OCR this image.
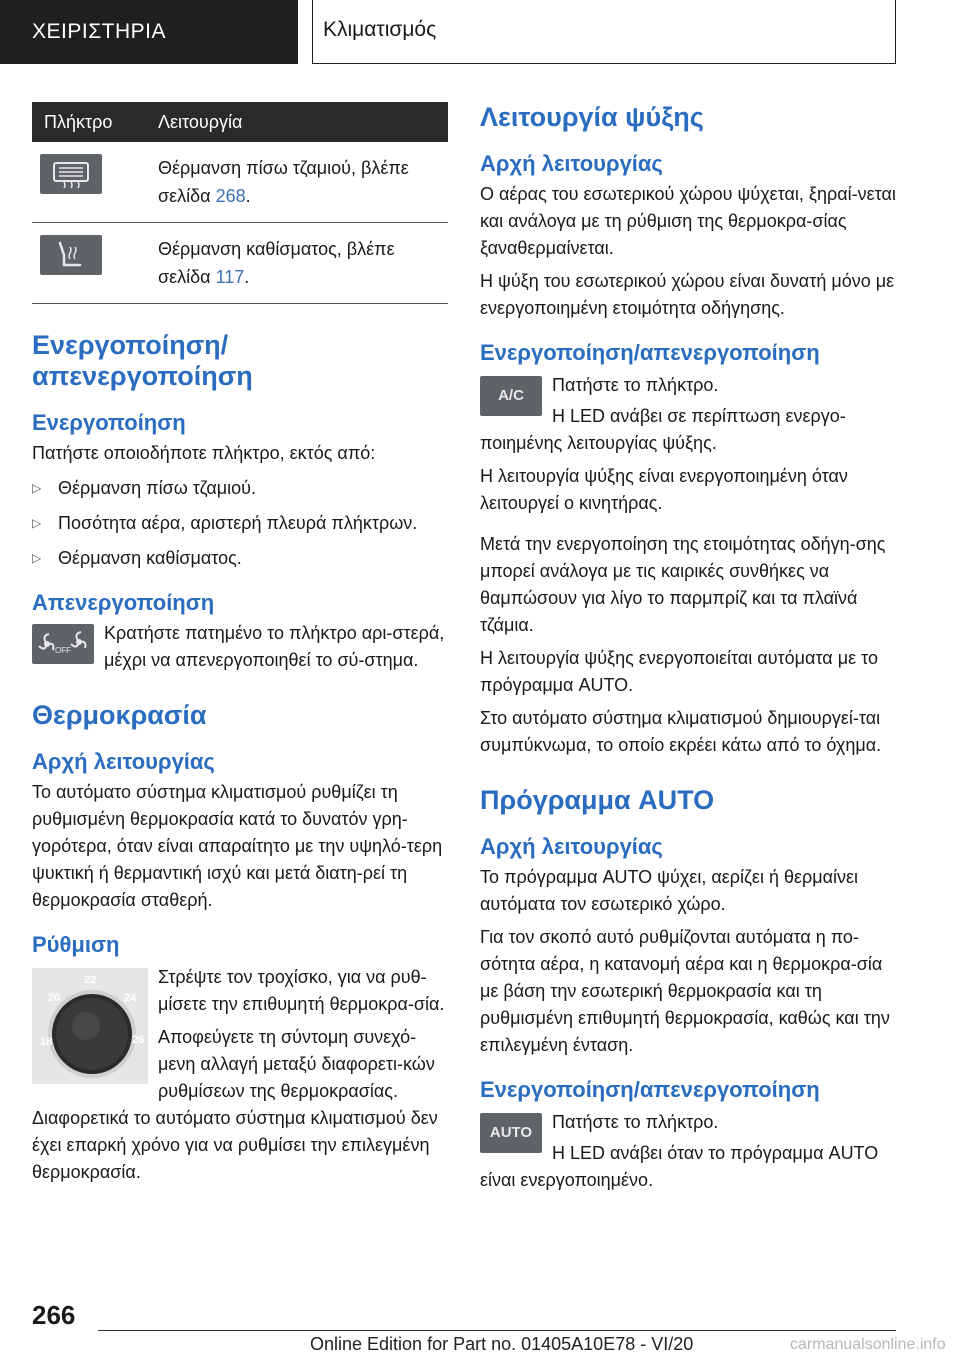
ΧΕΙΡΙΣΤΗΡΙΑ	Κλιματισμός
Πλήκτρο	Λειτουργία

	Θέρμανση πίσω τζαμιού, βλέπε σελίδα 268.

	Θέρμανση καθίσματος, βλέπε σελίδα 117.
Ενεργοποίηση/απενεργοποίηση
Ενεργοποίηση

Πατήστε οποιοδήποτε πλήκτρο, εκτός από:

▷ Θέρμανση πίσω τζαμιού.
▷ Ποσότητα αέρα, αριστερή πλευρά πλήκτρων.
▷ Θέρμανση καθίσματος.
Απενεργοποίηση
OFF

Κρατήστε πατημένο το πλήκτρο αρι-στερά, μέχρι να απενεργοποιηθεί το σύ-στημα.

Θερμοκρασία
Αρχή λειτουργίας

Το αυτόματο σύστημα κλιματισμού ρυθμίζει τη ρυθμισμένη θερμοκρασία κατά το δυνατόν γρη-γορότερα, όταν είναι απαραίτητο με την υψηλό-τερη ψυκτική ή θερμαντική ισχύ και μετά διατη-ρεί τη θερμοκρασία σταθερή.

Ρύθμιση
18
20
22
24
26

Στρέψτε τον τροχίσκο, για να ρυθ-μίσετε την επιθυμητή θερμοκρα-σία.

Αποφεύγετε τη σύντομη συνεχό-μενη αλλαγή μεταξύ διαφορετι-κών ρυθμίσεων της θερμοκρασίας. Διαφορετικά το αυτόματο σύστημα κλιματισμού δεν έχει επαρκή χρόνο για να ρυθμίσει την επιλεγμένη θερμοκρασία.

Λειτουργία ψύξης
Αρχή λειτουργίας

Ο αέρας του εσωτερικού χώρου ψύχεται, ξηραί-νεται και ανάλογα με τη ρύθμιση της θερμοκρα-σίας ξαναθερμαίνεται.

Η ψύξη του εσωτερικού χώρου είναι δυνατή μόνο με ενεργοποιημένη ετοιμότητα οδήγησης.

Ενεργοποίηση/απενεργοποίηση
A/C

Πατήστε το πλήκτρο.

Η LED ανάβει σε περίπτωση ενεργο-ποιημένης λειτουργίας ψύξης.

Η λειτουργία ψύξης είναι ενεργοποιημένη όταν λειτουργεί ο κινητήρας.

Μετά την ενεργοποίηση της ετοιμότητας οδήγη-σης μπορεί ανάλογα με τις καιρικές συνθήκες να θαμπώσουν για λίγο το παρμπρίζ και τα πλαϊνά τζάμια.

Η λειτουργία ψύξης ενεργοποιείται αυτόματα με το πρόγραμμα AUTO.

Στο αυτόματο σύστημα κλιματισμού δημιουργεί-ται συμπύκνωμα, το οποίο εκρέει κάτω από το όχημα.

Πρόγραμμα AUTO
Αρχή λειτουργίας

Το πρόγραμμα AUTO ψύχει, αερίζει ή θερμαίνει αυτόματα τον εσωτερικό χώρο.

Για τον σκοπό αυτό ρυθμίζονται αυτόματα η πο-σότητα αέρα, η κατανομή αέρα και η θερμοκρα-σία με βάση την εσωτερική θερμοκρασία και τη ρυθμισμένη επιθυμητή θερμοκρασία, καθώς και την επιλεγμένη ένταση.

Ενεργοποίηση/απενεργοποίηση
AUTO

Πατήστε το πλήκτρο.

Η LED ανάβει όταν το πρόγραμμα AUTO είναι ενεργοποιημένο.

266
Online Edition for Part no. 01405A10E78 - VI/20	carmanualsonline.info
